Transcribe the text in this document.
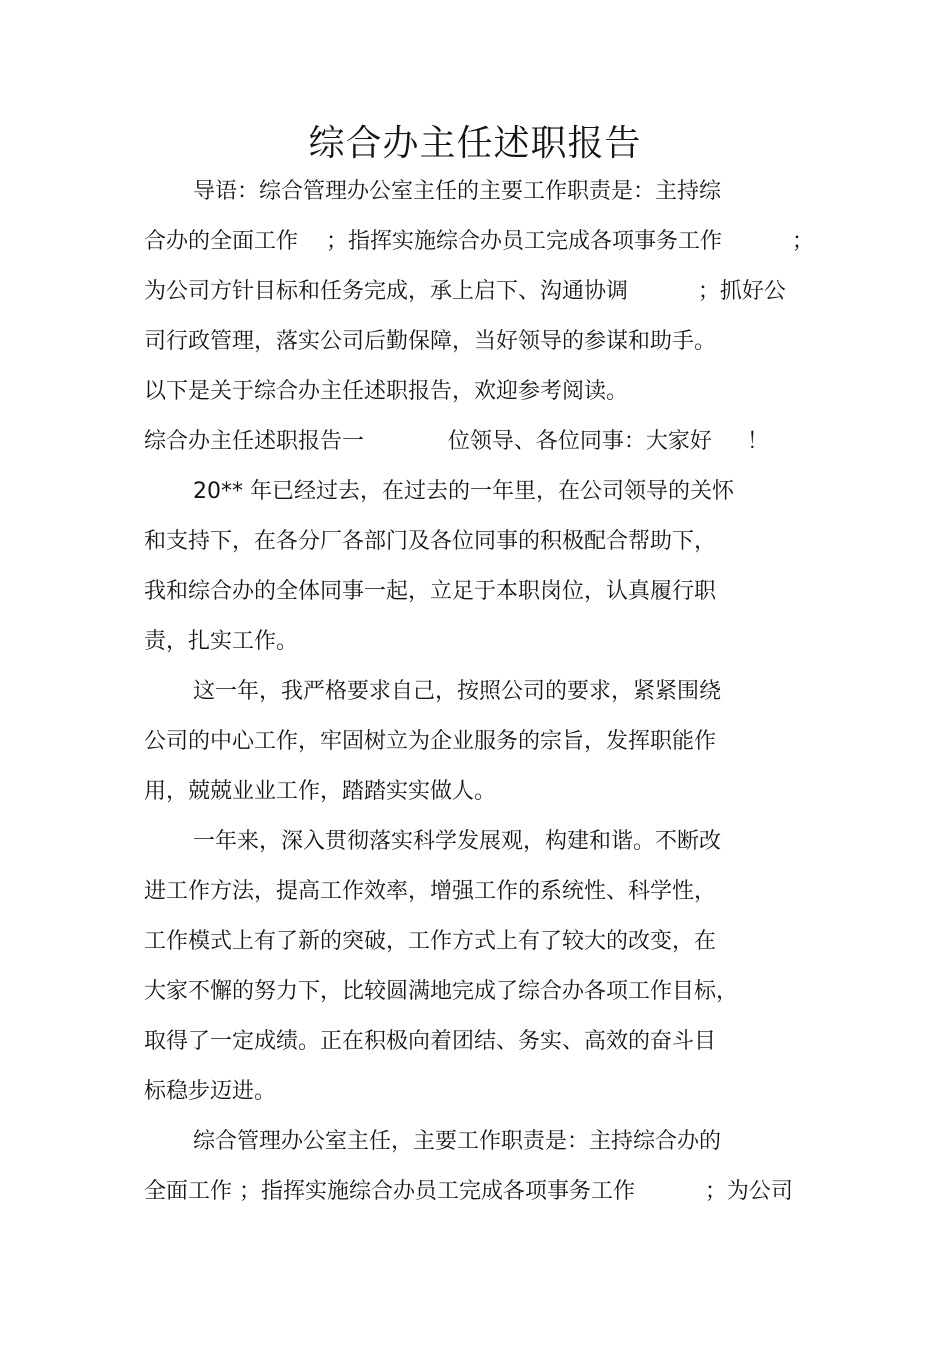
综合办主任述职报告
导语：综合管理办公室主任的主要工作职责是：主持综
合办的全面工作    ；指挥实施综合办员工完成各项事务工作          ；
为公司方针目标和任务完成，承上启下、沟通协调          ；抓好公
司行政管理，落实公司后勤保障，当好领导的参谋和助手。
以下是关于综合办主任述职报告，欢迎参考阅读。
综合办主任述职报告一            位领导、各位同事：大家好     ！
20** 年已经过去，在过去的一年里，在公司领导的关怀
和支持下，在各分厂各部门及各位同事的积极配合帮助下，
我和综合办的全体同事一起，立足于本职岗位，认真履行职
责，扎实工作。
这一年，我严格要求自己，按照公司的要求，紧紧围绕
公司的中心工作，牢固树立为企业服务的宗旨，发挥职能作
用，兢兢业业工作，踏踏实实做人。
一年来，深入贯彻落实科学发展观，构建和谐。不断改
进工作方法，提高工作效率，增强工作的系统性、科学性，
工作模式上有了新的突破，工作方式上有了较大的改变，在
大家不懈的努力下，比较圆满地完成了综合办各项工作目标，
取得了一定成绩。正在积极向着团结、务实、高效的奋斗目
标稳步迈进。
综合管理办公室主任，主要工作职责是：主持综合办的
全面工作 ；指挥实施综合办员工完成各项事务工作          ；为公司
